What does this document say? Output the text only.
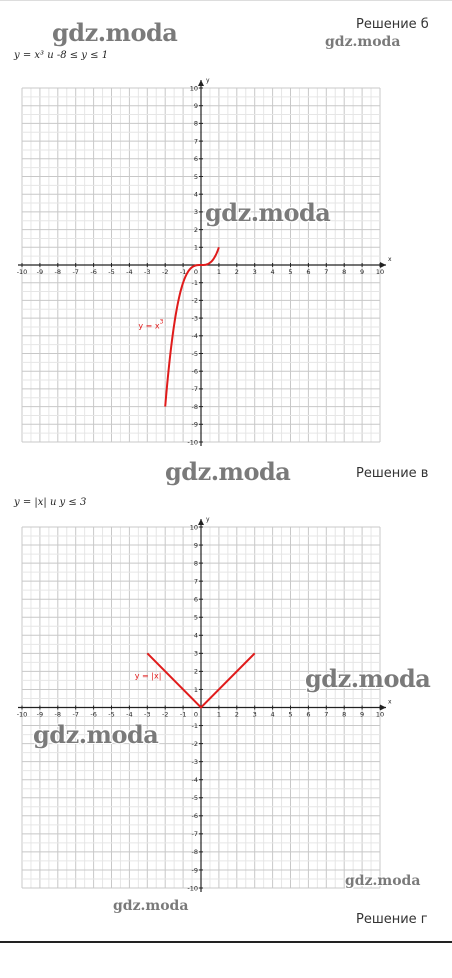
gdz.moda	Решение б
gdz.moda
y = x³ и -8 ≤ y ≤ 1
x
y
-10 -9 -8 -7 -6 -5 -4 -3 -2 -1	1 2 3 4 5 6 7 8 9 10
-10
-9
-8
-7
-6
-5
-4
-3
-2
-1
1
2
3
4
5
6
7
8
9
10
0
$y = x^3$
gdz.moda
gdz.moda	Решение в
y = |x| и y ≤ 3
x
y
-10 -9 -8 -7 -6 -5 -4 -3 -2 -1	1 2 3 4 5 6 7 8 9 10
-10
-9
-8
-7
-6
-5
-4
-3
-2
-1
1
2
3
4
5
6
7
8
9
10
0
y = |x|	gdz.moda
gdz.moda
gdz.moda
gdz.moda
Решение г
